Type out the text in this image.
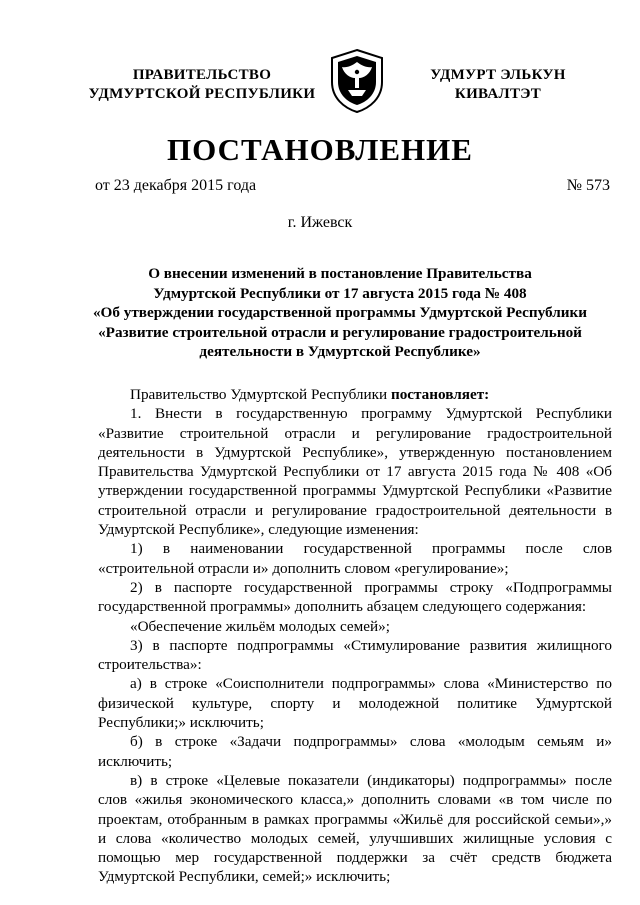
ПРАВИТЕЛЬСТВО
УДМУРТСКОЙ РЕСПУБЛИКИ
УДМУРТ ЭЛЬКУН
КИВАЛТЭТ
ПОСТАНОВЛЕНИЕ
от 23 декабря 2015 года	№ 573
г. Ижевск
О внесении изменений в постановление Правительства
Удмуртской Республики от 17 августа 2015 года № 408
«Об утверждении государственной программы Удмуртской Республики
«Развитие строительной отрасли и регулирование градостроительной
деятельности в Удмуртской Республике»

Правительство Удмуртской Республики постановляет:

1. Внести в государственную программу Удмуртской Республики «Развитие строительной отрасли и регулирование градостроительной деятельности в Удмуртской Республике», утвержденную постановлением Правительства Удмуртской Республики от 17 августа 2015 года № 408 «Об утверждении государственной программы Удмуртской Республики «Развитие строительной отрасли и регулирование градостроительной деятельности в Удмуртской Республике», следующие изменения:

1) в наименовании государственной программы после слов «строительной отрасли и» дополнить словом «регулирование»;

2) в паспорте государственной программы строку «Подпрограммы государственной программы» дополнить абзацем следующего содержания:

«Обеспечение жильём молодых семей»;

3) в паспорте подпрограммы «Стимулирование развития жилищного строительства»:

а) в строке «Соисполнители подпрограммы» слова «Министерство по физической культуре, спорту и молодежной политике Удмуртской Республики;» исключить;

б) в строке «Задачи подпрограммы» слова «молодым семьям и» исключить;

в) в строке «Целевые показатели (индикаторы) подпрограммы» после слов «жилья экономического класса,» дополнить словами «в том числе по проектам, отобранным в рамках программы «Жильё для российской семьи»,» и слова «количество молодых семей, улучшивших жилищные условия с помощью мер государственной поддержки за счёт средств бюджета Удмуртской Республики, семей;» исключить;
